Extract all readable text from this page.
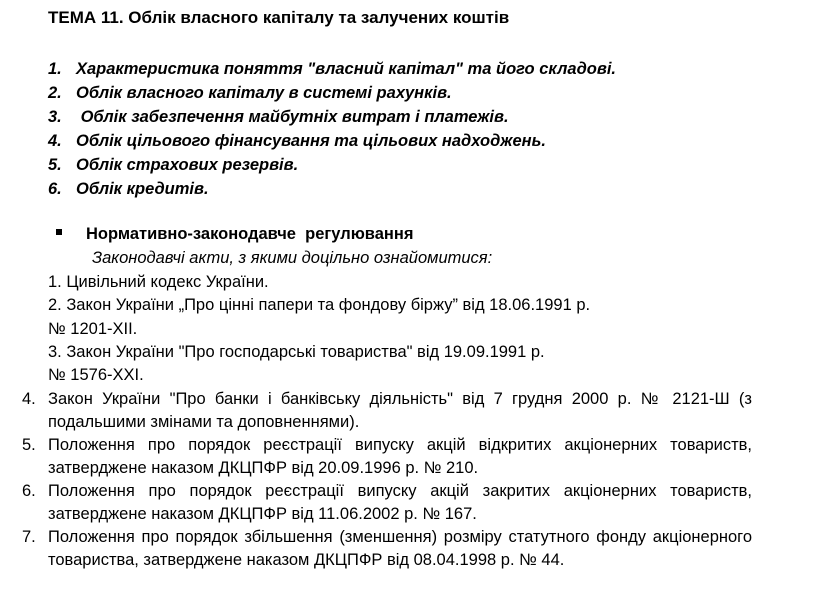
ТЕМА 11. Облік власного капіталу та залучених коштів
1. Характеристика поняття "власний капітал" та його складові.
2. Облік власного капіталу в системі рахунків.
3. Облік забезпечення майбутніх витрат і платежів.
4. Облік цільового фінансування та цільових надходжень.
5. Облік страхових резервів.
6. Облік кредитів.
Нормативно-законодавче  регулювання
Законодавчі акти, з якими доцільно ознайомитися:
1. Цивільний кодекс України.
2. Закон України „Про цінні папери та фондову біржу” від 18.06.1991 р.
№ 1201-XII.
3. Закон України "Про господарські товариства" від 19.09.1991 р.
№ 1576-XXI.
4. Закон України "Про банки і банківську діяльність" від 7 грудня 2000 р. № 2121-Ш (з подальшими змінами та доповненнями).
5. Положення про порядок реєстрації випуску акцій відкритих акціонерних товариств, затверджене наказом ДКЦПФР від 20.09.1996 р. № 210.
6. Положення про порядок реєстрації випуску акцій закритих акціонерних товариств, затверджене наказом ДКЦПФР від 11.06.2002 р. № 167.
7. Положення про порядок збільшення (зменшення) розміру статутного фонду акціонерного товариства, затверджене наказом ДКЦПФР від 08.04.1998 р. № 44.
